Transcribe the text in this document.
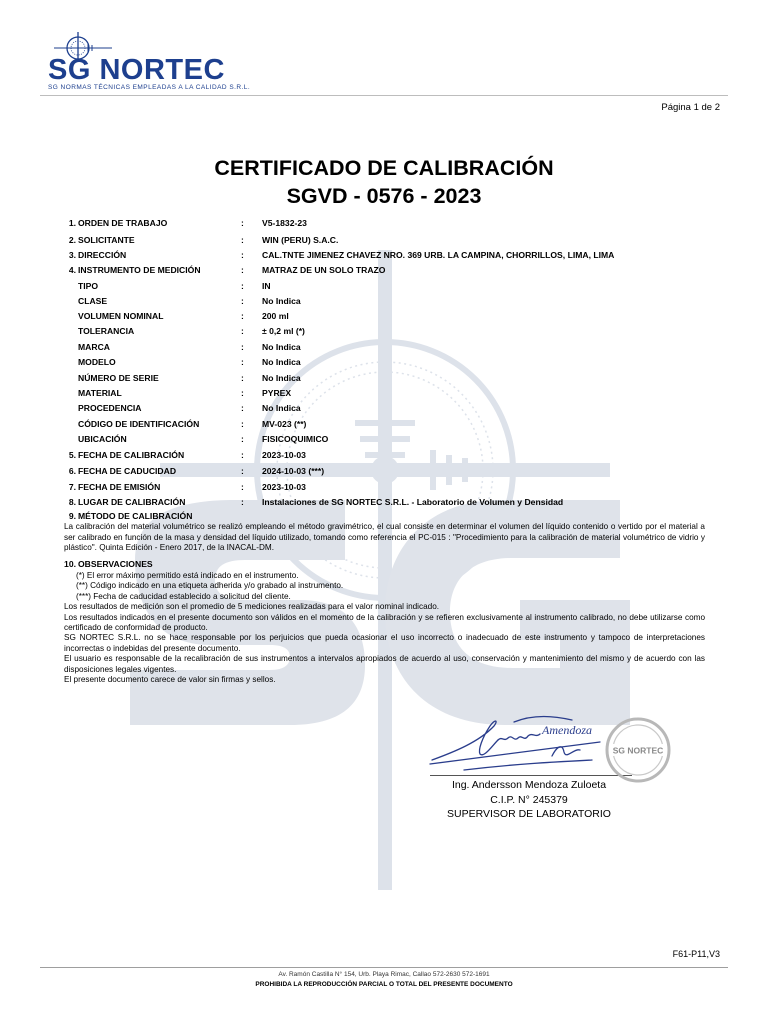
SG NORTEC
SG NORMAS TÉCNICAS EMPLEADAS A LA CALIDAD S.R.L.
Página 1 de 2
CERTIFICADO DE CALIBRACIÓN
SGVD - 0576 - 2023
1. ORDEN DE TRABAJO	: V5-1832-23
2. SOLICITANTE	: WIN (PERU) S.A.C.
3. DIRECCIÓN	: CAL.TNTE JIMENEZ CHAVEZ NRO. 369 URB. LA CAMPINA, CHORRILLOS, LIMA, LIMA
4. INSTRUMENTO DE MEDICIÓN	: MATRAZ DE UN SOLO TRAZO
TIPO	: IN
CLASE	: No Indica
VOLUMEN NOMINAL	: 200 ml
TOLERANCIA	: ± 0,2 ml (*)
MARCA	: No Indica
MODELO	: No Indica
NÚMERO DE SERIE	: No Indica
MATERIAL	: PYREX
PROCEDENCIA	: No Indica
CÓDIGO DE IDENTIFICACIÓN	: MV-023 (**)
UBICACIÓN	: FISICOQUIMICO
5. FECHA DE CALIBRACIÓN	: 2023-10-03
6. FECHA DE CADUCIDAD	: 2024-10-03 (***)
7. FECHA DE EMISIÓN	: 2023-10-03
8. LUGAR DE CALIBRACIÓN	: Instalaciones de SG NORTEC S.R.L. - Laboratorio de Volumen y Densidad
9. MÉTODO DE CALIBRACIÓN
La calibración del material volumétrico se realizó empleando el método gravimétrico, el cual consiste en determinar el volumen del líquido contenido o vertido por el material a ser calibrado en función de la masa y densidad del líquido utilizado, tomando como referencia el PC-015 : "Procedimiento para la calibración de material volumétrico de vidrio y plástico". Quinta Edición - Enero 2017, de la INACAL-DM.
10. OBSERVACIONES
(*) El error máximo permitido está indicado en el instrumento.
(**) Código indicado en una etiqueta adherida y/o grabado al instrumento.
(***) Fecha de caducidad establecido a solicitud del cliente.
Los resultados de medición son el promedio de 5 mediciones realizadas para el valor nominal indicado.
Los resultados indicados en el presente documento son válidos en el momento de la calibración y se refieren exclusivamente al instrumento calibrado, no debe utilizarse como certificado de conformidad de producto.
SG NORTEC S.R.L. no se hace responsable por los perjuicios que pueda ocasionar el uso incorrecto o inadecuado de este instrumento y tampoco de interpretaciones incorrectas o indebidas del presente documento.
El usuario es responsable de la recalibración de sus instrumentos a intervalos apropiados de acuerdo al uso, conservación y mantenimiento del mismo y de acuerdo con las disposiciones legales vigentes.
El presente documento carece de valor sin firmas y sellos.
Amendoza
SG NORTEC
Ing. Andersson Mendoza Zuloeta
C.I.P. N° 245379
SUPERVISOR DE LABORATORIO
F61-P11,V3
Av. Ramón Castilla N° 154, Urb. Playa Rimac, Callao 572-2630 572-1691
PROHIBIDA LA REPRODUCCIÓN PARCIAL O TOTAL DEL PRESENTE DOCUMENTO
